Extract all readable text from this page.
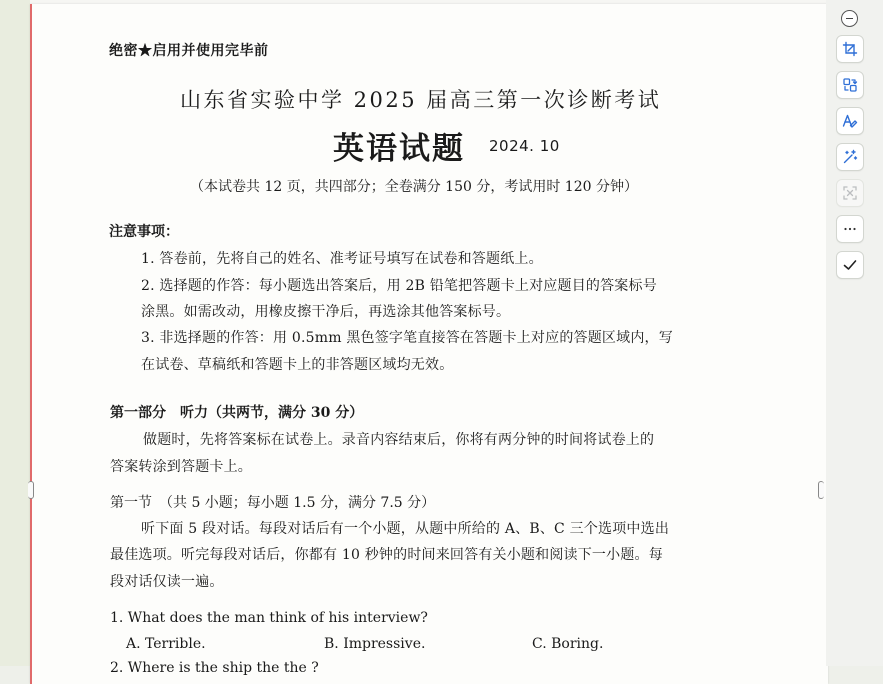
绝密★启用并使用完毕前
山东省实验中学 2025 届高三第一次诊断考试
英语试题 2024. 10
（本试卷共 12 页，共四部分；全卷满分 150 分，考试用时 120 分钟）
注意事项：
1. 答卷前，先将自己的姓名、准考证号填写在试卷和答题纸上。
2. 选择题的作答：每小题选出答案后，用 2B 铅笔把答题卡上对应题目的答案标号
涂黑。如需改动，用橡皮擦干净后，再选涂其他答案标号。
3. 非选择题的作答：用 0.5mm 黑色签字笔直接答在答题卡上对应的答题区域内，写
在试卷、草稿纸和答题卡上的非答题区域均无效。
第一部分　听力（共两节，满分 30 分）
做题时，先将答案标在试卷上。录音内容结束后，你将有两分钟的时间将试卷上的
答案转涂到答题卡上。
第一节　（共 5 小题；每小题 1.5 分，满分 7.5 分）
听下面 5 段对话。每段对话后有一个小题，从题中所给的 A、B、C 三个选项中选出
最佳选项。听完每段对话后，你都有 10 秒钟的时间来回答有关小题和阅读下一小题。每
段对话仅读一遍。
1. What does the man think of his interview?
A. Terrible.	B. Impressive.	C. Boring.
2. Where is the ship the the ?
